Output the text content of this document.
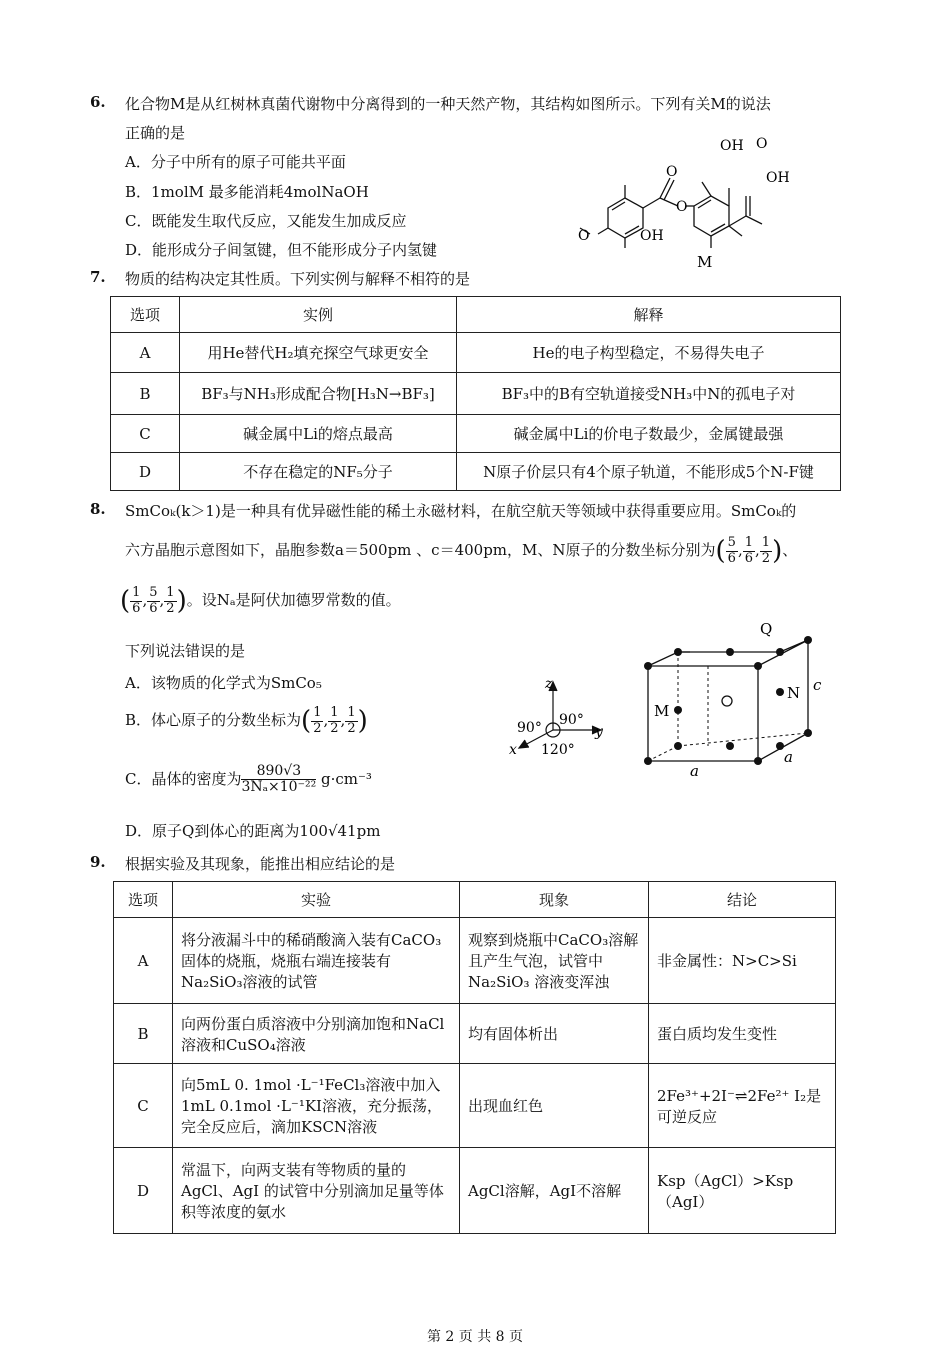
6. 化合物M是从红树林真菌代谢物中分离得到的一种天然产物，其结构如图所示。下列有关M的说法
正确的是
A．分子中所有的原子可能共平面
B．1molM 最多能消耗4molNaOH
C．既能发生取代反应，又能发生加成反应
D．能形成分子间氢键，但不能形成分子内氢键
O
O
O
OH
OH O
OH
M
7. 物质的结构决定其性质。下列实例与解释不相符的是
选项	实例	解释
A	用He替代H₂填充探空气球更安全	He的电子构型稳定，不易得失电子
B	BF₃与NH₃形成配合物[H₃N→BF₃]	BF₃中的B有空轨道接受NH₃中N的孤电子对
C	碱金属中Li的熔点最高	碱金属中Li的价电子数最少，金属键最强
D	不存在稳定的NF₅分子	N原子价层只有4个原子轨道，不能形成5个N-F键
8. SmCoₖ(k＞1)是一种具有优异磁性能的稀土永磁材料，在航空航天等领域中获得重要应用。SmCoₖ的
六方晶胞示意图如下，晶胞参数a＝500pm 、c＝400pm，M、N原子的分数坐标分别为( $\frac{5}{6}$ , $\frac{1}{6}$ , $\frac{1}{2}$ )、
( $\frac{1}{6}$ , $\frac{5}{6}$ , $\frac{1}{2}$ )。设Nₐ是阿伏加德罗常数的值。
下列说法错误的是
A．该物质的化学式为SmCo₅
B．体心原子的分数坐标为( $\frac{1}{2}$ , $\frac{1}{2}$ , $\frac{1}{2}$ )
C．晶体的密度为 $\frac{890√3}{\text{3Nₐ×10⁻²²}} g\cdot cm^{-3}$
D．原子Q到体心的距离为100√41pm
z
y
x
90° 90°
120°
Q
M
N c
a
a
9. 根据实验及其现象，能推出相应结论的是
选项	实验	现象	结论
A	将分液漏斗中的稀硝酸滴入装有CaCO₃固体的烧瓶，烧瓶右端连接装有Na₂SiO₃溶液的试管	观察到烧瓶中CaCO₃溶解且产生气泡，试管中Na₂SiO₃ 溶液变浑浊	非金属性：N>C>Si
B	向两份蛋白质溶液中分别滴加饱和NaCl溶液和CuSO₄溶液	均有固体析出	蛋白质均发生变性
C	向5mL 0. 1mol ·L⁻¹FeCl₃溶液中加入1mL 0.1mol ·L⁻¹KI溶液，充分振荡，完全反应后，滴加KSCN溶液	出现血红色	2Fe³⁺+2I⁻⇌2Fe²⁺ I₂是可逆反应
D	常温下，向两支装有等物质的量的AgCl、AgI 的试管中分别滴加足量等体积等浓度的氨水	AgCl溶解，AgI不溶解	Ksp（AgCl）>Ksp （AgI）
第 2 页 共 8 页
